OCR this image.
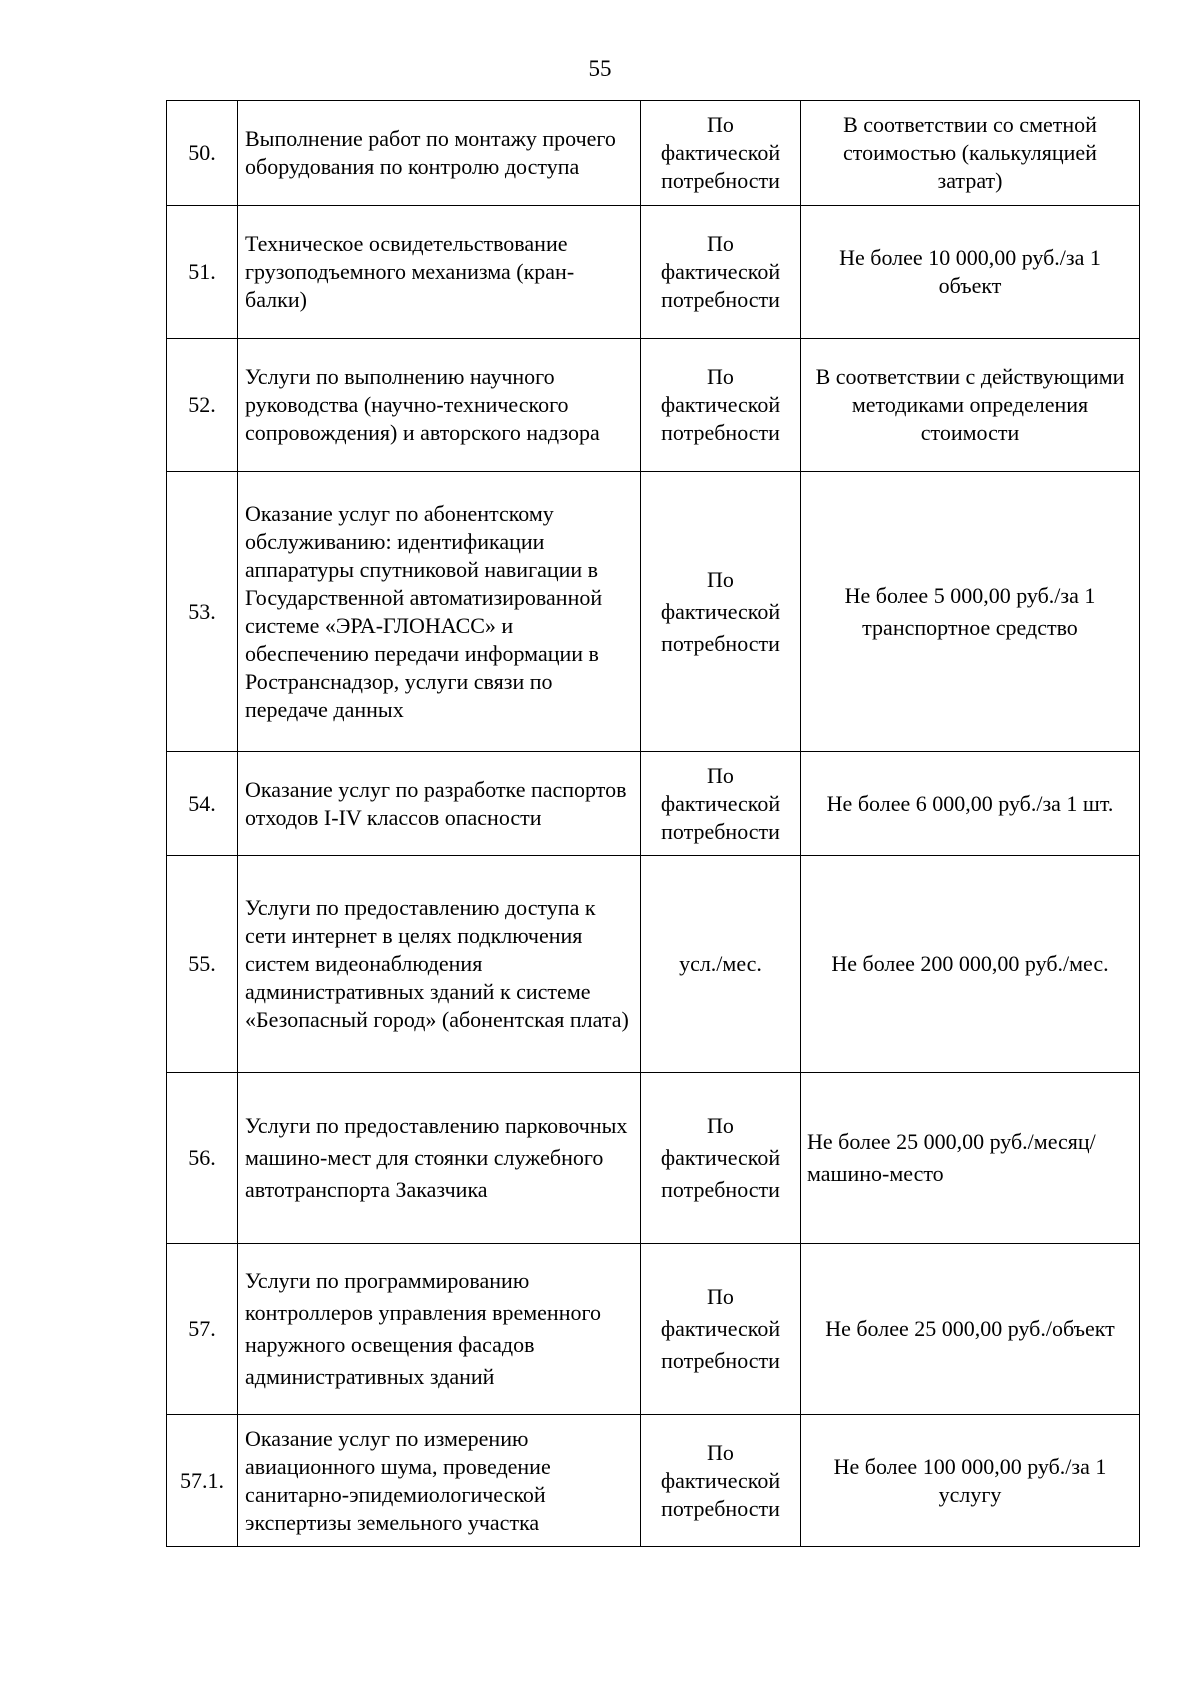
55
50.	Выполнение работ по монтажу прочего оборудования по контролю доступа	По фактической потребности	В соответствии со сметной стоимостью (калькуляцией затрат)
51.	Техническое освидетельствование грузоподъемного механизма (кран-балки)	По фактической потребности	Не более 10 000,00 руб./за 1 объект
52.	Услуги по выполнению научного руководства (научно-технического сопровождения) и авторского надзора	По фактической потребности	В соответствии с действующими методиками определения стоимости
53.	Оказание услуг по абонентскому обслуживанию: идентификации аппаратуры спутниковой навигации в Государственной автоматизированной системе «ЭРА-ГЛОНАСС» и обеспечению передачи информации в Ространснадзор, услуги связи по передаче данных	По фактической потребности	Не более 5 000,00 руб./за 1 транспортное средство
54.	Оказание услуг по разработке паспортов отходов I-IV классов опасности	По фактической потребности	Не более 6 000,00 руб./за 1 шт.
55.	Услуги по предоставлению доступа к сети интернет в целях подключения систем видеонаблюдения административных зданий к системе «Безопасный город» (абонентская плата)	усл./мес.	Не более 200 000,00 руб./мес.
56.	Услуги по предоставлению парковочных машино-мест для стоянки служебного автотранспорта Заказчика	По фактической потребности	Не более 25 000,00 руб./месяц/машино-место
57.	Услуги по программированию контроллеров управления временного наружного освещения фасадов административных зданий	По фактической потребности	Не более 25 000,00 руб./объект
57.1.	Оказание услуг по измерению авиационного шума, проведение санитарно-эпидемиологической экспертизы земельного участка	По фактической потребности	Не более 100 000,00 руб./за 1 услугу
